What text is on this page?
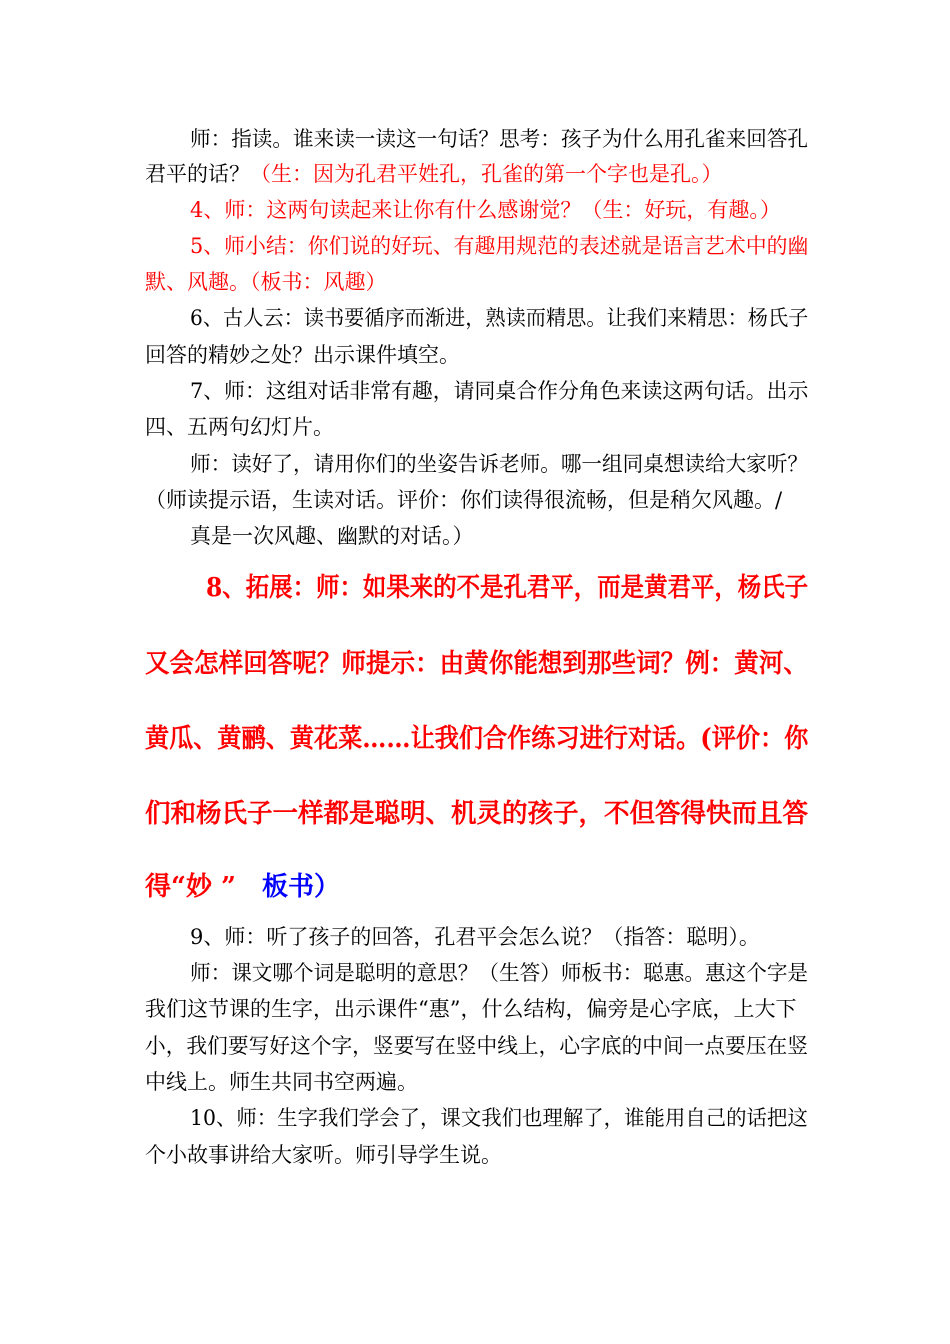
师：指读。谁来读一读这一句话？思考：孩子为什么用孔雀来回答孔
君平的话？（生：因为孔君平姓孔，孔雀的第一个字也是孔。）
4、师：这两句读起来让你有什么感谢觉？（生：好玩，有趣。）
5、师小结：你们说的好玩、有趣用规范的表述就是语言艺术中的幽
默、风趣。（板书：风趣）
6、古人云：读书要循序而渐进，熟读而精思。让我们来精思：杨氏子
回答的精妙之处？出示课件填空。
7、师：这组对话非常有趣，请同桌合作分角色来读这两句话。出示
四、五两句幻灯片。
师：读好了，请用你们的坐姿告诉老师。哪一组同桌想读给大家听？
（师读提示语，生读对话。评价：你们读得很流畅，但是稍欠风趣。/
真是一次风趣、幽默的对话。）
8、拓展：师：如果来的不是孔君平，而是黄君平，杨氏子
又会怎样回答呢？师提示：由黄你能想到那些词？例：黄河、
黄瓜、黄鹂、黄花菜……让我们合作练习进行对话。(评价：你
们和杨氏子一样都是聪明、机灵的孩子，不但答得快而且答
得“妙 ” 板书）
9、师：听了孩子的回答，孔君平会怎么说？（指答：聪明）。
师：课文哪个词是聪明的意思？（生答）师板书：聪惠。惠这个字是
我们这节课的生字，出示课件“惠”，什么结构，偏旁是心字底，上大下
小，我们要写好这个字，竖要写在竖中线上，心字底的中间一点要压在竖
中线上。师生共同书空两遍。
10、师：生字我们学会了，课文我们也理解了，谁能用自己的话把这
个小故事讲给大家听。师引导学生说。
